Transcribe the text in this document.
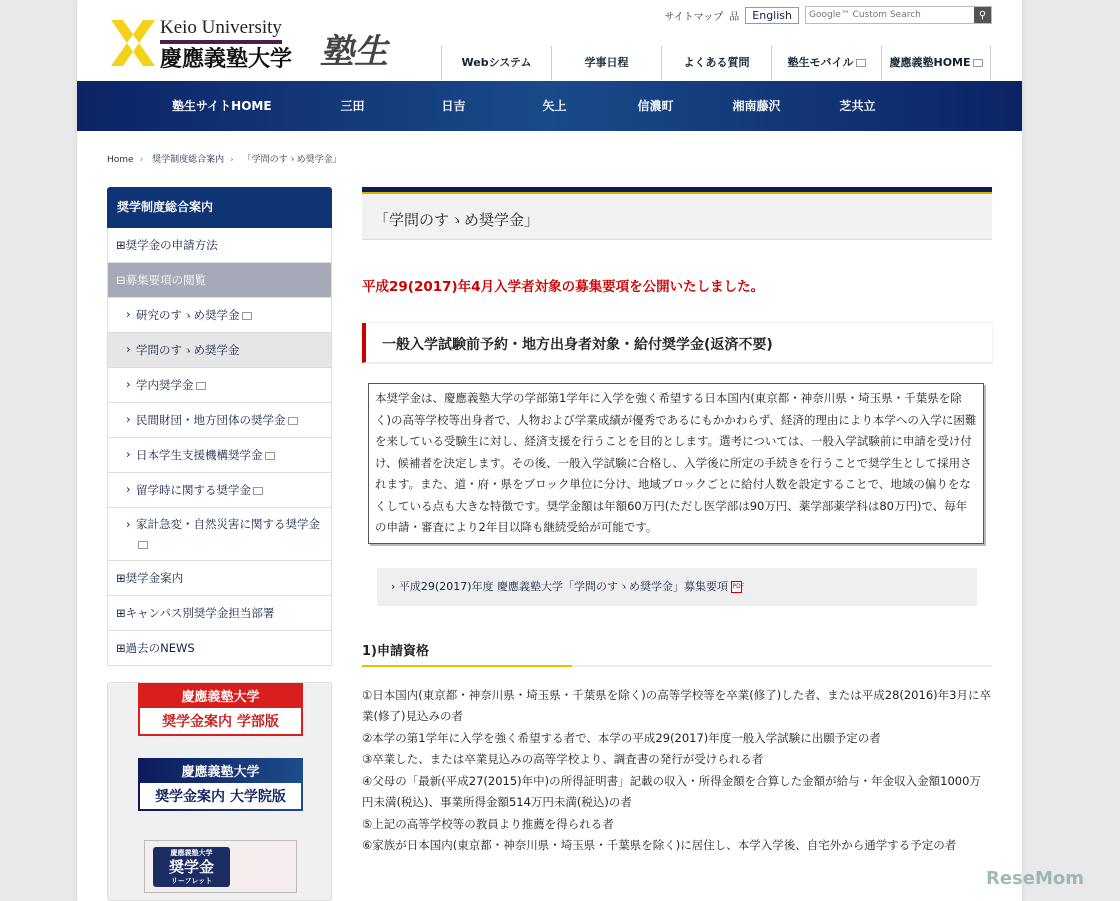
Keio University
慶應義塾大学 塾生
サイトマップ 品	English
Google™ Custom Search	⚲
Webシステム	学事日程	よくある質問	塾生モバイル	慶應義塾HOME
塾生サイトHOME	三田	日吉	矢上	信濃町	湘南藤沢	芝共立
Home › 奨学制度総合案内 › 「学問のすゝめ奨学金」
奨学制度総合案内
⊞奨学金の申請方法
⊟募集要項の閲覧
› 研究のすゝめ奨学金
› 学問のすゝめ奨学金
› 学内奨学金
› 民間財団・地方団体の奨学金
› 日本学生支援機構奨学金
› 留学時に関する奨学金
› 家計急変・自然災害に関する奨学金
⊞奨学金案内
⊞キャンパス別奨学金担当部署
⊞過去のNEWS
慶應義塾大学
奨学金案内 学部版
慶應義塾大学
奨学金案内 大学院版
慶應義塾大学
奨学金
リーフレット
「学問のすゝめ奨学金」
平成29(2017)年4月入学者対象の募集要項を公開いたしました。
一般入学試験前予約・地方出身者対象・給付奨学金(返済不要)
本奨学金は、慶應義塾大学の学部第1学年に入学を強く希望する日本国内(東京都・神奈川県・埼玉県・千葉県を除く)の高等学校等出身者で、人物および学業成績が優秀であるにもかかわらず、経済的理由により本学への入学に困難を来している受験生に対し、経済支援を行うことを目的とします。選考については、一般入学試験前に申請を受け付け、候補者を決定します。その後、一般入学試験に合格し、入学後に所定の手続きを行うことで奨学生として採用されます。また、道・府・県をブロック単位に分け、地域ブロックごとに給付人数を設定することで、地域の偏りをなくしている点も大きな特徴です。奨学金額は年額60万円(ただし医学部は90万円、薬学部薬学科は80万円)で、毎年の申請・審査により2年目以降も継続受給が可能です。
› 平成29(2017)年度 慶應義塾大学「学問のすゝめ奨学金」募集要項 PDF
1)申請資格
①日本国内(東京都・神奈川県・埼玉県・千葉県を除く)の高等学校等を卒業(修了)した者、または平成28(2016)年3月に卒業(修了)見込みの者
②本学の第1学年に入学を強く希望する者で、本学の平成29(2017)年度一般入学試験に出願予定の者
③卒業した、または卒業見込みの高等学校より、調査書の発行が受けられる者
④父母の「最新(平成27(2015)年中)の所得証明書」記載の収入・所得金額を合算した金額が給与・年金収入金額1000万円未満(税込)、事業所得金額514万円未満(税込)の者
⑤上記の高等学校等の教員より推薦を得られる者
⑥家族が日本国内(東京都・神奈川県・埼玉県・千葉県を除く)に居住し、本学入学後、自宅外から通学する予定の者
ReseMom
